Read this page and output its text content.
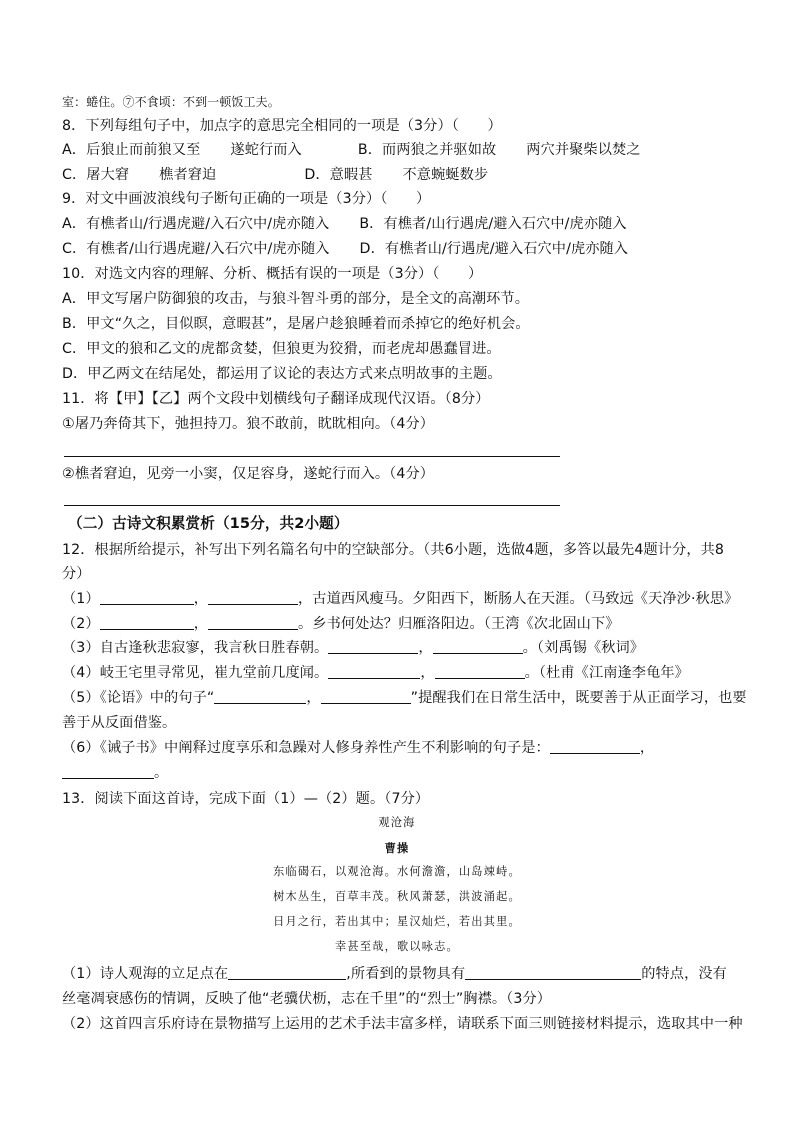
室：蜷住。⑦不食顷：不到一顿饭工夫。
8．下列每组句子中，加点字的意思完全相同的一项是（3分）（　　）
A．后狼止而前狼又至 遂蛇行而入	B．而两狼之并驱如故 两穴并聚柴以焚之
C．屠大窘 樵者窘迫	D．意暇甚 不意蜿蜒数步
9．对文中画波浪线句子断句正确的一项是（3分）（　　）
A．有樵者山/行遇虎避/入石穴中/虎亦随入 B．有樵者/山行遇虎/避入石穴中/虎亦随入
C．有樵者/山行遇虎避/入石穴中/虎亦随入 D．有樵者山/行遇虎/避入石穴中/虎亦随入
10．对选文内容的理解、分析、概括有误的一项是（3分）（　　）
A．甲文写屠户防御狼的攻击，与狼斗智斗勇的部分，是全文的高潮环节。
B．甲文“久之，目似瞑，意暇甚”，是屠户趁狼睡着而杀掉它的绝好机会。
C．甲文的狼和乙文的虎都贪婪，但狼更为狡猾，而老虎却愚蠢冒进。
D．甲乙两文在结尾处，都运用了议论的表达方式来点明故事的主题。
11．将【甲】【乙】两个文段中划横线句子翻译成现代汉语。（8分）
①屠乃奔倚其下，弛担持刀。狼不敢前，眈眈相向。（4分）
②樵者窘迫，见旁一小窦，仅足容身，遂蛇行而入。（4分）
（二）古诗文积累赏析（15分，共2小题）
12．根据所给提示，补写出下列名篇名句中的空缺部分。（共6小题，选做4题，多答以最先4题计分，共8
分）
（1）	，	，古道西风瘦马。夕阳西下，断肠人在天涯。（马致远《天净沙·秋思》
（2）	，	。乡书何处达？归雁洛阳边。（王湾《次北固山下》
（3）自古逢秋悲寂寥，我言秋日胜春朝。	，	。（刘禹锡《秋词》
（4）岐王宅里寻常见，崔九堂前几度闻。	，	。（杜甫《江南逢李龟年》
（5）《论语》中的句子“	，	”提醒我们在日常生活中，既要善于从正面学习，也要
善于从反面借鉴。
（6）《诫子书》中阐释过度享乐和急躁对人修身养性产生不利影响的句子是：	，
。
13．阅读下面这首诗，完成下面（1）—（2）题。（7分）
观沧海
曹操
东临碣石，以观沧海。水何澹澹，山岛竦峙。
树木丛生，百草丰茂。秋风萧瑟，洪波涌起。
日月之行，若出其中；星汉灿烂，若出其里。
幸甚至哉，歌以咏志。
（1）诗人观海的立足点在	,所看到的景物具有	的特点，没有
丝毫凋衰感伤的情调，反映了他“老骥伏枥，志在千里”的“烈士”胸襟。（3分）
（2）这首四言乐府诗在景物描写上运用的艺术手法丰富多样，请联系下面三则链接材料提示，选取其中一种
